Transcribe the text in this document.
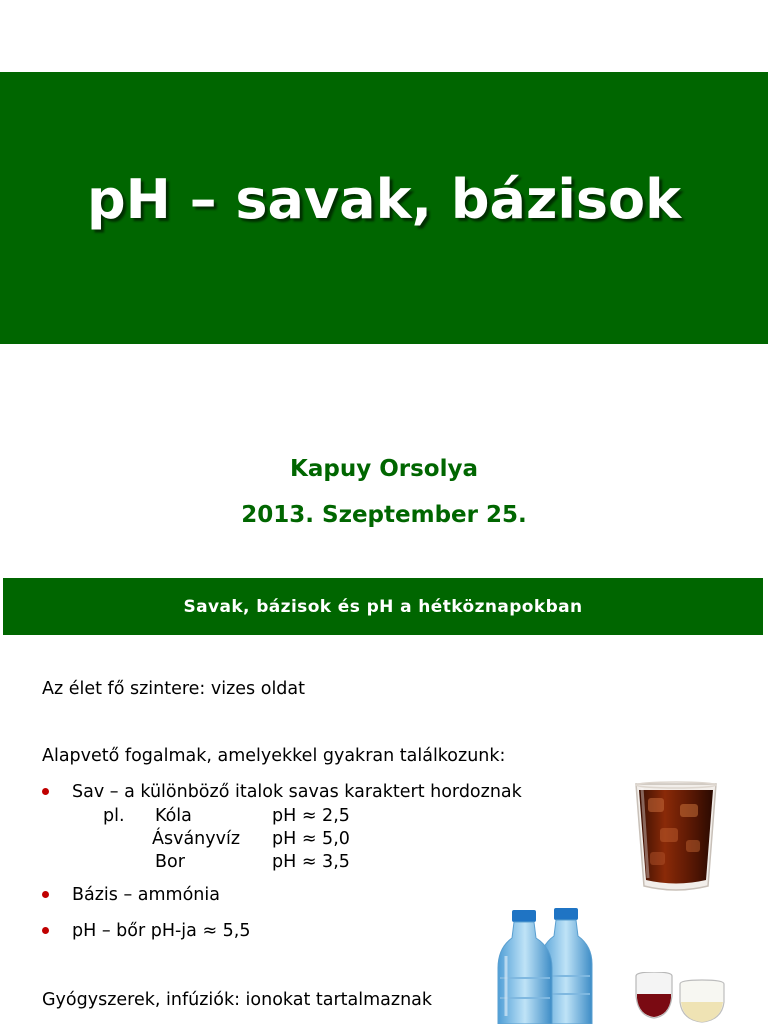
pH – savak, bázisok
Kapuy Orsolya
2013. Szeptember 25.
Savak, bázisok és pH a hétköznapokban
Az élet fő szintere: vizes oldat
Alapvető fogalmak, amelyekkel gyakran találkozunk:
Sav – a különböző italok savas karaktert hordoznak
pl. Kóla	pH ≈ 2,5
Ásványvíz pH ≈ 5,0
Bor	pH ≈ 3,5
Bázis – ammónia
pH – bőr pH-ja ≈ 5,5
Gyógyszerek, infúziók: ionokat tartalmaznak
